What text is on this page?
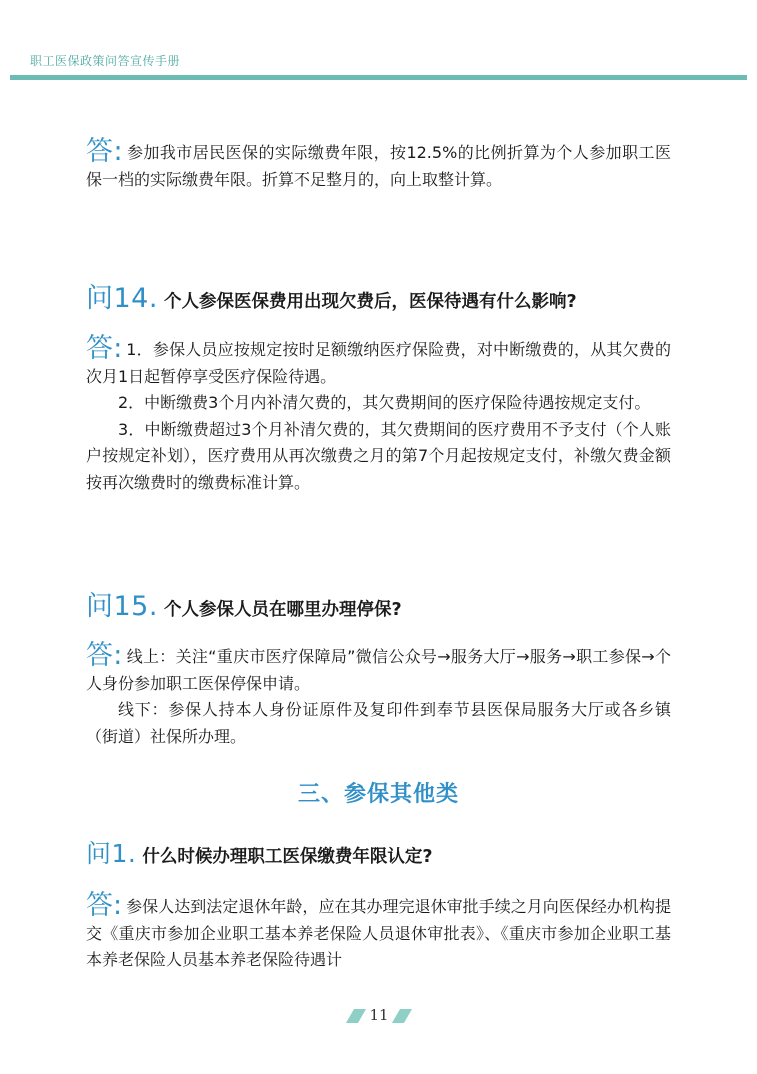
职工医保政策问答宣传手册

答: 参加我市居民医保的实际缴费年限，按12.5%的比例折算为个人参加职工医保一档的实际缴费年限。折算不足整月的，向上取整计算。

问14. 个人参保医保费用出现欠费后，医保待遇有什么影响?

答: 1．参保人员应按规定按时足额缴纳医疗保险费，对中断缴费的，从其欠费的次月1日起暂停享受医疗保险待遇。

2．中断缴费3个月内补清欠费的，其欠费期间的医疗保险待遇按规定支付。

3．中断缴费超过3个月补清欠费的，其欠费期间的医疗费用不予支付（个人账户按规定补划），医疗费用从再次缴费之月的第7个月起按规定支付，补缴欠费金额按再次缴费时的缴费标准计算。

问15. 个人参保人员在哪里办理停保?

答: 线上：关注“重庆市医疗保障局”微信公众号→服务大厅→服务→职工参保→个人身份参加职工医保停保申请。

线下：参保人持本人身份证原件及复印件到奉节县医保局服务大厅或各乡镇（街道）社保所办理。

三、参保其他类
问1. 什么时候办理职工医保缴费年限认定?

答: 参保人达到法定退休年龄，应在其办理完退休审批手续之月向医保经办机构提交《重庆市参加企业职工基本养老保险人员退休审批表》、《重庆市参加企业职工基本养老保险人员基本养老保险待遇计

11
